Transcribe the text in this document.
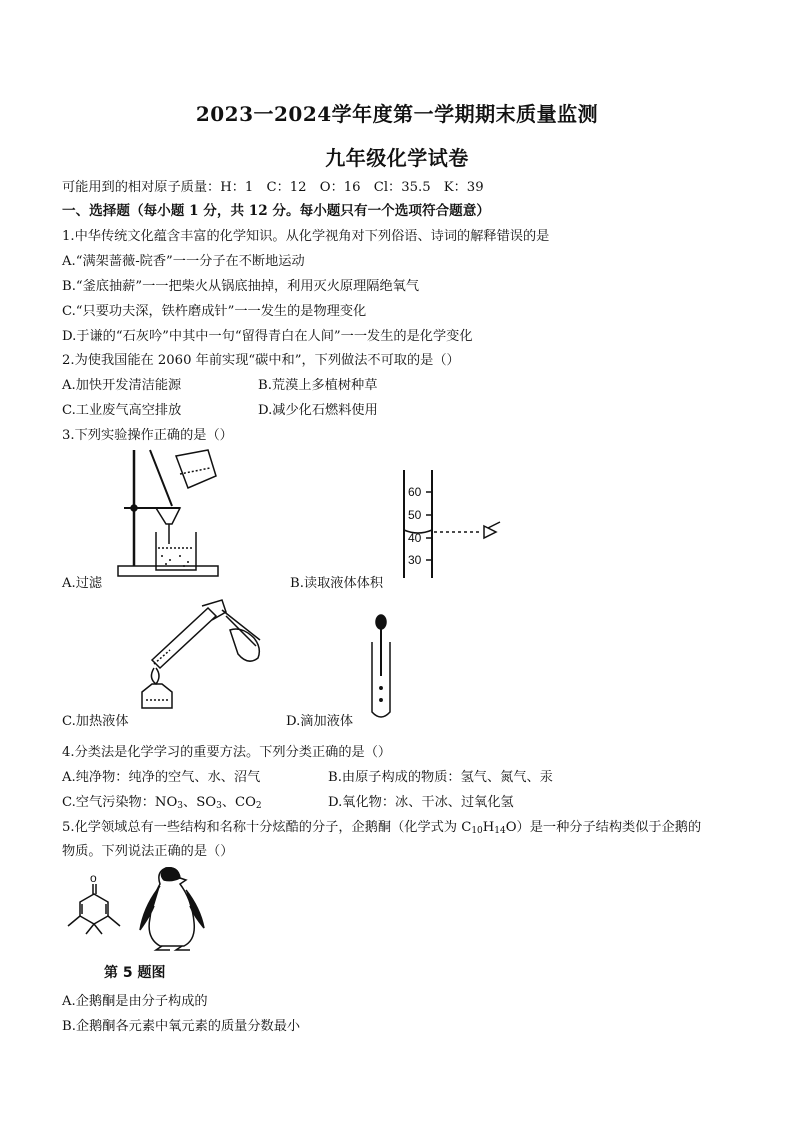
2023一2024学年度第一学期期末质量监测
九年级化学试卷
可能用到的相对原子质量：H：1　C：12　O：16　Cl：35.5　K：39
一、选择题（每小题 1 分，共 12 分。每小题只有一个选项符合题意）
1.中华传统文化蕴含丰富的化学知识。从化学视角对下列俗语、诗词的解释错误的是
A.“满架蔷薇-院香”一一分子在不断地运动
B.“釜底抽薪”一一把柴火从锅底抽掉，利用灭火原理隔绝氧气
C.“只要功夫深，铁杵磨成针”一一发生的是物理变化
D.于谦的“石灰吟”中其中一句“留得青白在人间”一一发生的是化学变化
2.为使我国能在 2060 年前实现“碳中和”，下列做法不可取的是（）
A.加快开发清洁能源	B.荒漠上多植树种草
C.工业废气高空排放	D.减少化石燃料使用
3.下列实验操作正确的是（）
A.过滤
60
50
40
30
B.读取液体体积
C.加热液体	D.滴加液体
4.分类法是化学学习的重要方法。下列分类正确的是（）
A.纯净物：纯净的空气、水、沼气	B.由原子构成的物质：氢气、氮气、汞
C.空气污染物：$NO_3$、$SO_3$、$CO_2$	D.氧化物：冰、干冰、过氧化氢
5.化学领域总有一些结构和名称十分炫酷的分子，企鹅酮（化学式为 $C_{10}H_{14}O$）是一种分子结构类似于企鹅的
物质。下列说法正确的是（）
o
第 5 题图
A.企鹅酮是由分子构成的
B.企鹅酮各元素中氧元素的质量分数最小
